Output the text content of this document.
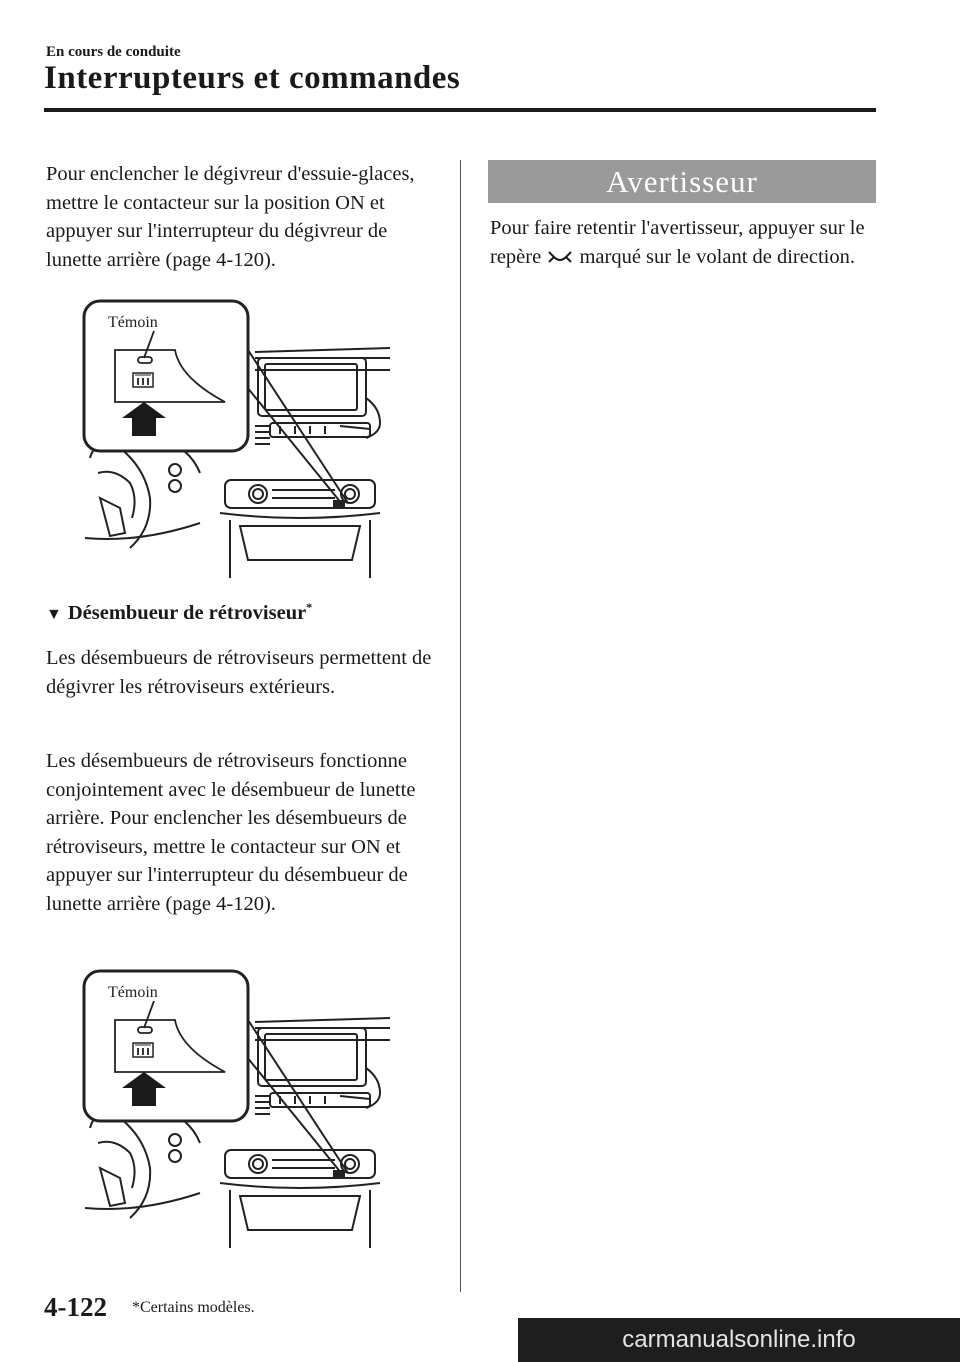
En cours de conduite
Interrupteurs et commandes

Pour enclencher le dégivreur d'essuie-glaces, mettre le contacteur sur la position ON et appuyer sur l'interrupteur du dégivreur de lunette arrière (page 4-120).

Témoin
▼ Désembueur de rétroviseur*

Les désembueurs de rétroviseurs permettent de dégivrer les rétroviseurs extérieurs.

Les désembueurs de rétroviseurs fonctionne conjointement avec le désembueur de lunette arrière. Pour enclencher les désembueurs de rétroviseurs, mettre le contacteur sur ON et appuyer sur l'interrupteur du désembueur de lunette arrière (page 4-120).

Témoin
Avertisseur

Pour faire retentir l'avertisseur, appuyer sur le repère  marqué sur le volant de direction.

4-122 *Certains modèles.
carmanualsonline.info
